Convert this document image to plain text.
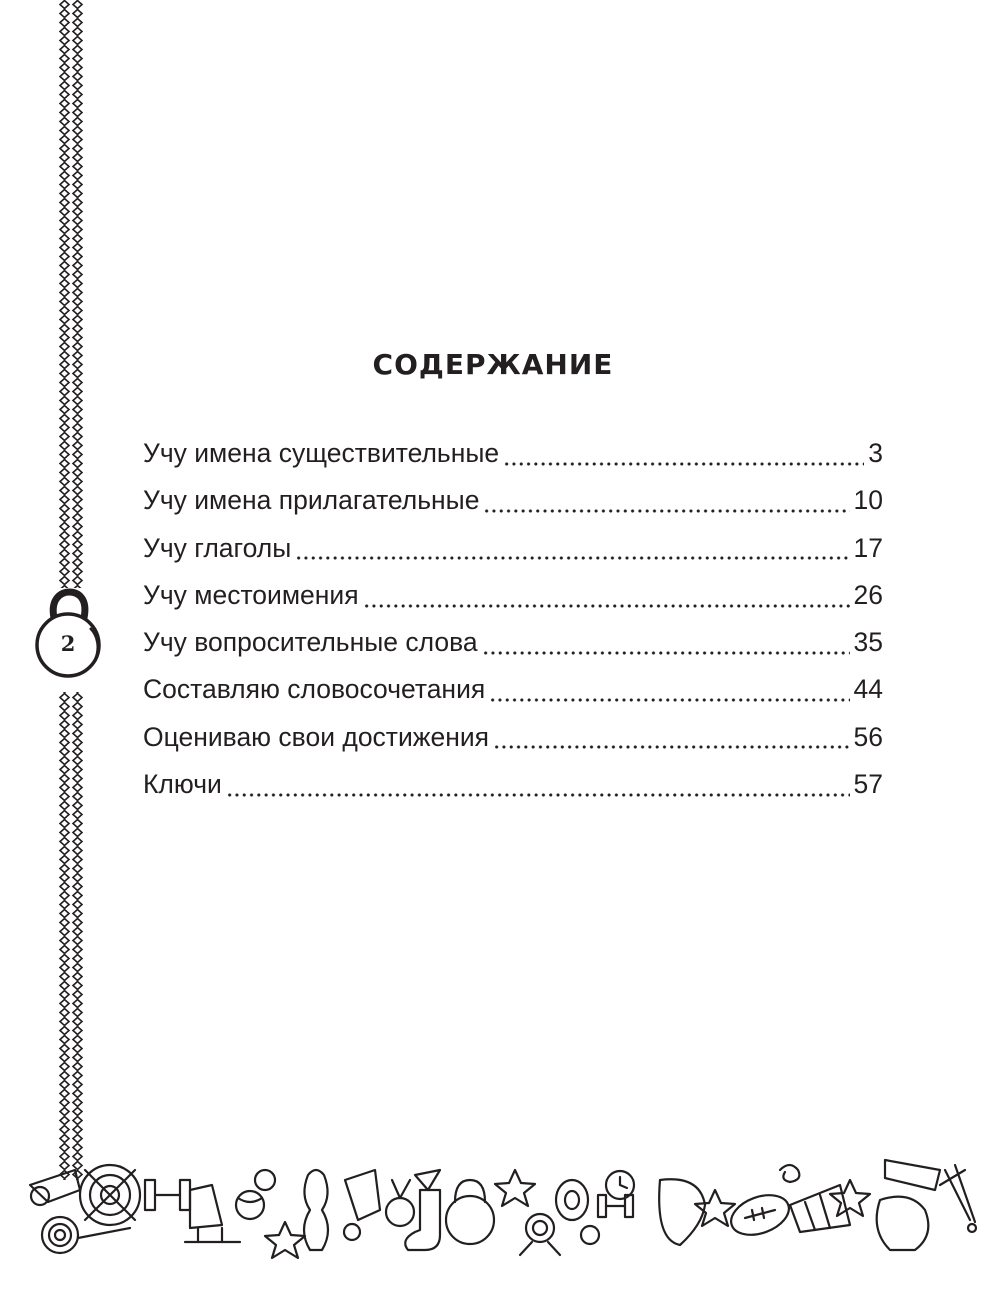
2
СОДЕРЖАНИЕ
Учу имена существительные	3
Учу имена прилагательные	10
Учу глаголы	17
Учу местоимения	26
Учу вопросительные слова	35
Составляю словосочетания	44
Оцениваю свои достижения	56
Ключи	57
